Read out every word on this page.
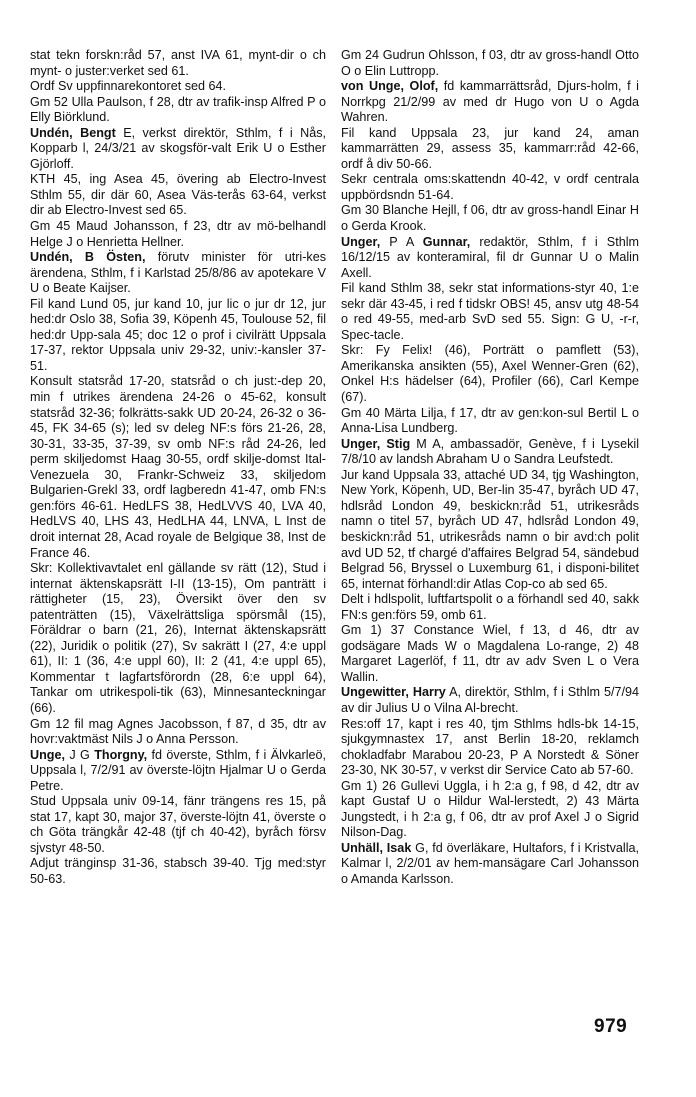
stat tekn forskn:råd 57, anst IVA 61, mynt-dir o ch mynt- o juster:verket sed 61.

Ordf Sv uppfinnarekontoret sed 64.

Gm 52 Ulla Paulson, f 28, dtr av trafik-insp Alfred P o Elly Biörklund.

Undén, Bengt E, verkst direktör, Sthlm, f i Nås, Kopparb l, 24/3/21 av skogsför-valt Erik U o Esther Gjörloff.

KTH 45, ing Asea 45, övering ab Electro-Invest Sthlm 55, dir där 60, Asea Väs-terås 63-64, verkst dir ab Electro-Invest sed 65.

Gm 45 Maud Johansson, f 23, dtr av mö-belhandl Helge J o Henrietta Hellner.

Undén, B Östen, förutv minister för utri-kes ärendena, Sthlm, f i Karlstad 25/8/86 av apotekare V U o Beate Kaijser.

Fil kand Lund 05, jur kand 10, jur lic o jur dr 12, jur hed:dr Oslo 38, Sofia 39, Köpenh 45, Toulouse 52, fil hed:dr Upp-sala 45; doc 12 o prof i civilrätt Uppsala 17-37, rektor Uppsala univ 29-32, univ:-kansler 37-51.

Konsult statsråd 17-20, statsråd o ch just:-dep 20, min f utrikes ärendena 24-26 o 45-62, konsult statsråd 32-36; folkrätts-sakk UD 20-24, 26-32 o 36-45, FK 34-65 (s); led sv deleg NF:s förs 21-26, 28, 30-31, 33-35, 37-39, sv omb NF:s råd 24-26, led perm skiljedomst Haag 30-55, ordf skilje-domst Ital-Venezuela 30, Frankr-Schweiz 33, skiljedom Bulgarien-Grekl 33, ordf lagberedn 41-47, omb FN:s gen:förs 46-61. HedLFS 38, HedLVVS 40, LVA 40, HedLVS 40, LHS 43, HedLHA 44, LNVA, L Inst de droit internat 28, Acad royale de Belgique 38, Inst de France 46.

Skr: Kollektivavtalet enl gällande sv rätt (12), Stud i internat äktenskapsrätt I-II (13-15), Om panträtt i rättigheter (15, 23), Översikt över den sv patenträtten (15), Växelrättsliga spörsmål (15), Föräldrar o barn (21, 26), Internat äktenskapsrätt (22), Juridik o politik (27), Sv sakrätt I (27, 4:e uppl 61), II: 1 (36, 4:e uppl 60), II: 2 (41, 4:e uppl 65), Kommentar t lagfartsförordn (28, 6:e uppl 64), Tankar om utrikespoli-tik (63), Minnesanteckningar (66).

Gm 12 fil mag Agnes Jacobsson, f 87, d 35, dtr av hovr:vaktmäst Nils J o Anna Persson.

Unge, J G Thorgny, fd överste, Sthlm, f i Älvkarleö, Uppsala l, 7/2/91 av överste-löjtn Hjalmar U o Gerda Petre.

Stud Uppsala univ 09-14, fänr trängens res 15, på stat 17, kapt 30, major 37, överste-löjtn 41, överste o ch Göta trängkår 42-48 (tjf ch 40-42), byråch försv sjvstyr 48-50.

Adjut tränginsp 31-36, stabsch 39-40. Tjg med:styr 50-63.

Gm 24 Gudrun Ohlsson, f 03, dtr av gross-handl Otto O o Elin Luttropp.

von Unge, Olof, fd kammarrättsråd, Djurs-holm, f i Norrkpg 21/2/99 av med dr Hugo von U o Agda Wahren.

Fil kand Uppsala 23, jur kand 24, aman kammarrätten 29, assess 35, kammarr:råd 42-66, ordf å div 50-66.

Sekr centrala oms:skattendn 40-42, v ordf centrala uppbördsndn 51-64.

Gm 30 Blanche Hejll, f 06, dtr av gross-handl Einar H o Gerda Krook.

Unger, P A Gunnar, redaktör, Sthlm, f i Sthlm 16/12/15 av konteramiral, fil dr Gunnar U o Malin Axell.

Fil kand Sthlm 38, sekr stat informations-styr 40, 1:e sekr där 43-45, i red f tidskr OBS! 45, ansv utg 48-54 o red 49-55, med-arb SvD sed 55. Sign: G U, -r-r, Spec-tacle.

Skr: Fy Felix! (46), Porträtt o pamflett (53), Amerikanska ansikten (55), Axel Wenner-Gren (62), Onkel H:s hädelser (64), Profiler (66), Carl Kempe (67).

Gm 40 Märta Lilja, f 17, dtr av gen:kon-sul Bertil L o Anna-Lisa Lundberg.

Unger, Stig M A, ambassadör, Genève, f i Lysekil 7/8/10 av landsh Abraham U o Sandra Leufstedt.

Jur kand Uppsala 33, attaché UD 34, tjg Washington, New York, Köpenh, UD, Ber-lin 35-47, byråch UD 47, hdlsråd London 49, beskickn:råd 51, utrikesråds namn o titel 57, byråch UD 47, hdlsråd London 49, beskickn:råd 51, utrikesråds namn o bir avd:ch polit avd UD 52, tf chargé d'affaires Belgrad 54, sändebud Belgrad 56, Bryssel o Luxemburg 61, i disponi-bilitet 65, internat förhandl:dir Atlas Cop-co ab sed 65.

Delt i hdlspolit, luftfartspolit o a förhandl sed 40, sakk FN:s gen:förs 59, omb 61.

Gm 1) 37 Constance Wiel, f 13, d 46, dtr av godsägare Mads W o Magdalena Lo-range, 2) 48 Margaret Lagerlöf, f 11, dtr av adv Sven L o Vera Wallin.

Ungewitter, Harry A, direktör, Sthlm, f i Sthlm 5/7/94 av dir Julius U o Vilna Al-brecht.

Res:off 17, kapt i res 40, tjm Sthlms hdls-bk 14-15, sjukgymnastex 17, anst Berlin 18-20, reklamch chokladfabr Marabou 20-23, P A Norstedt & Söner 23-30, NK 30-57, v verkst dir Service Cato ab 57-60.

Gm 1) 26 Gullevi Uggla, i h 2:a g, f 98, d 42, dtr av kapt Gustaf U o Hildur Wal-lerstedt, 2) 43 Märta Jungstedt, i h 2:a g, f 06, dtr av prof Axel J o Sigrid Nilson-Dag.

Unhäll, Isak G, fd överläkare, Hultafors, f i Kristvalla, Kalmar l, 2/2/01 av hem-mansägare Carl Johansson o Amanda Karlsson.

979
